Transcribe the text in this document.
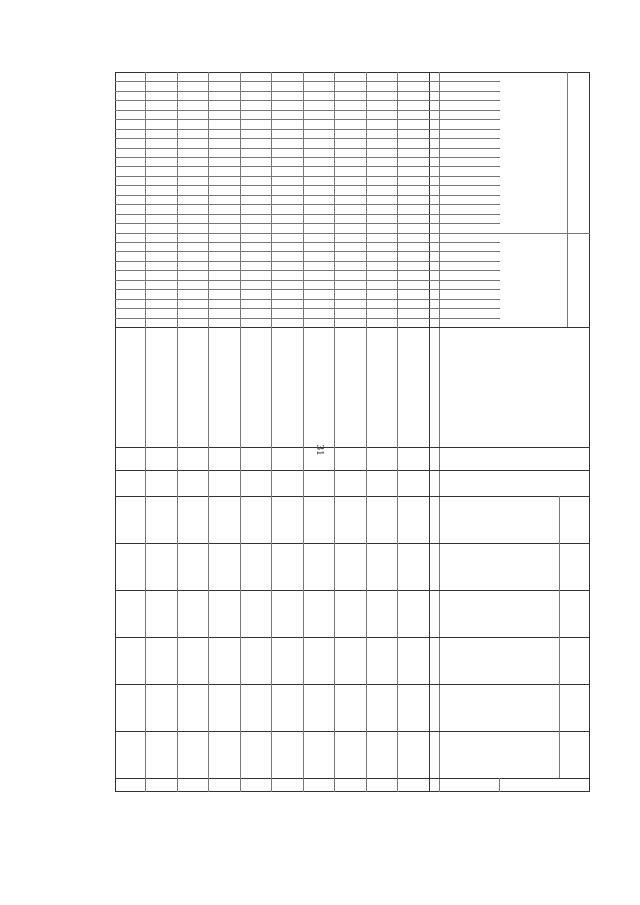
31
